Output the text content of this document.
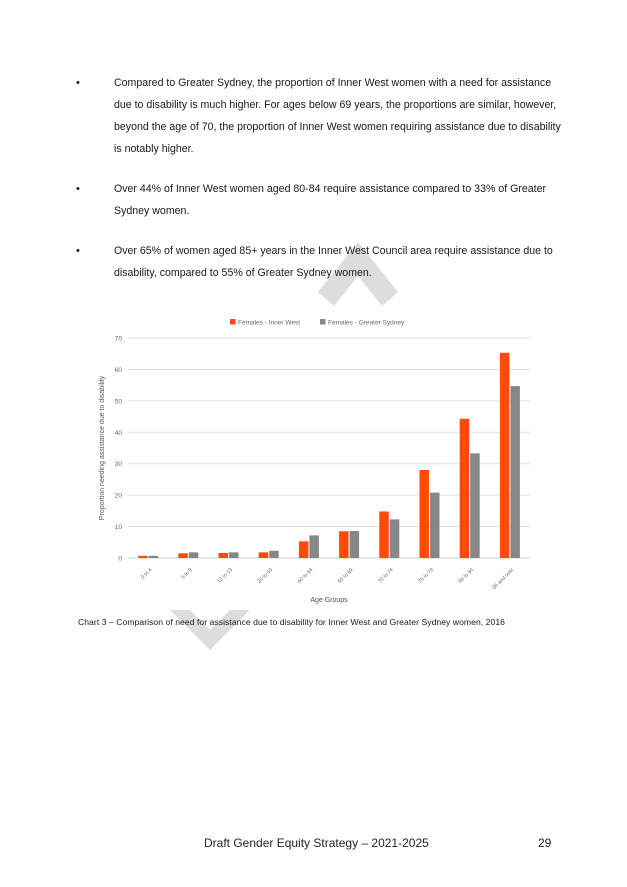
•	Compared to Greater Sydney, the proportion of Inner West women with a need for assistance due to disability is much higher. For ages below 69 years, the proportions are similar, however, beyond the age of 70, the proportion of Inner West women requiring assistance due to disability is notably higher.
•	Over 44% of Inner West women aged 80-84 require assistance compared to 33% of Greater Sydney women.
•	Over 65% of women aged 85+ years in the Inner West Council area require assistance due to disability, compared to 55% of Greater Sydney women.
0
10
20
30
40
50
60
70
0 to 4	5 to 9	10 to 19	20 to 59	60 to 64	65 to 69	70 to 74	75 to 79	80 to 84	85 and over
Females - Inner West	Females - Greater Sydney
Age Groups
Proportion needing assistance due to disability
Chart 3 – Comparison of need for assistance due to disability for Inner West and Greater Sydney women, 2016
Draft Gender Equity Strategy – 2021-2025	29
